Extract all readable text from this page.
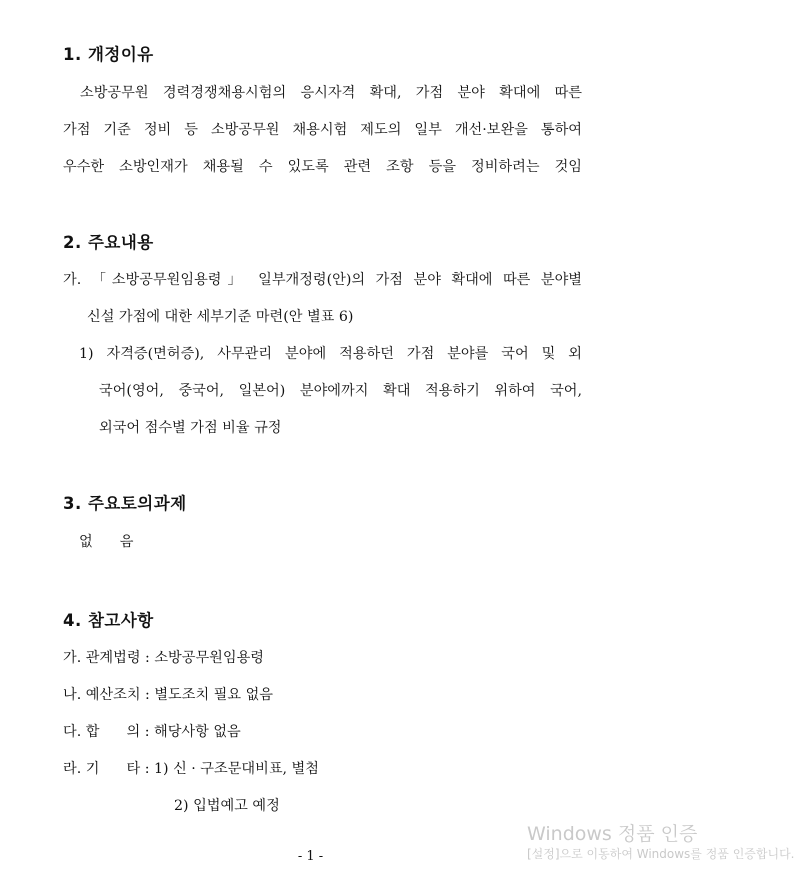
1. 개정이유
소방공무원 경력경쟁채용시험의 응시자격 확대, 가점 분야 확대에 따른
가점 기준 정비 등 소방공무원 채용시험 제도의 일부 개선·보완을 통하여
우수한 소방인재가 채용될 수 있도록 관련 조항 등을 정비하려는 것임
2. 주요내용
가. 「소방공무원임용령」 일부개정령(안)의 가점 분야 확대에 따른 분야별
신설 가점에 대한 세부기준 마련(안 별표 6)
1) 자격증(면허증), 사무관리 분야에 적용하던 가점 분야를 국어 및 외
국어(영어, 중국어, 일본어) 분야에까지 확대 적용하기 위하여 국어,
외국어 점수별 가점 비율 규정
3. 주요토의과제
없      음
4. 참고사항
가. 관계법령 : 소방공무원임용령
나. 예산조치 : 별도조치 필요 없음
다. 합      의 : 해당사항 없음
라. 기      타 : 1) 신 · 구조문대비표, 별첨
2) 입법예고 예정
Windows 정품 인증
[설정]으로 이동하여 Windows를 정품 인증합니다.
- 1 -
